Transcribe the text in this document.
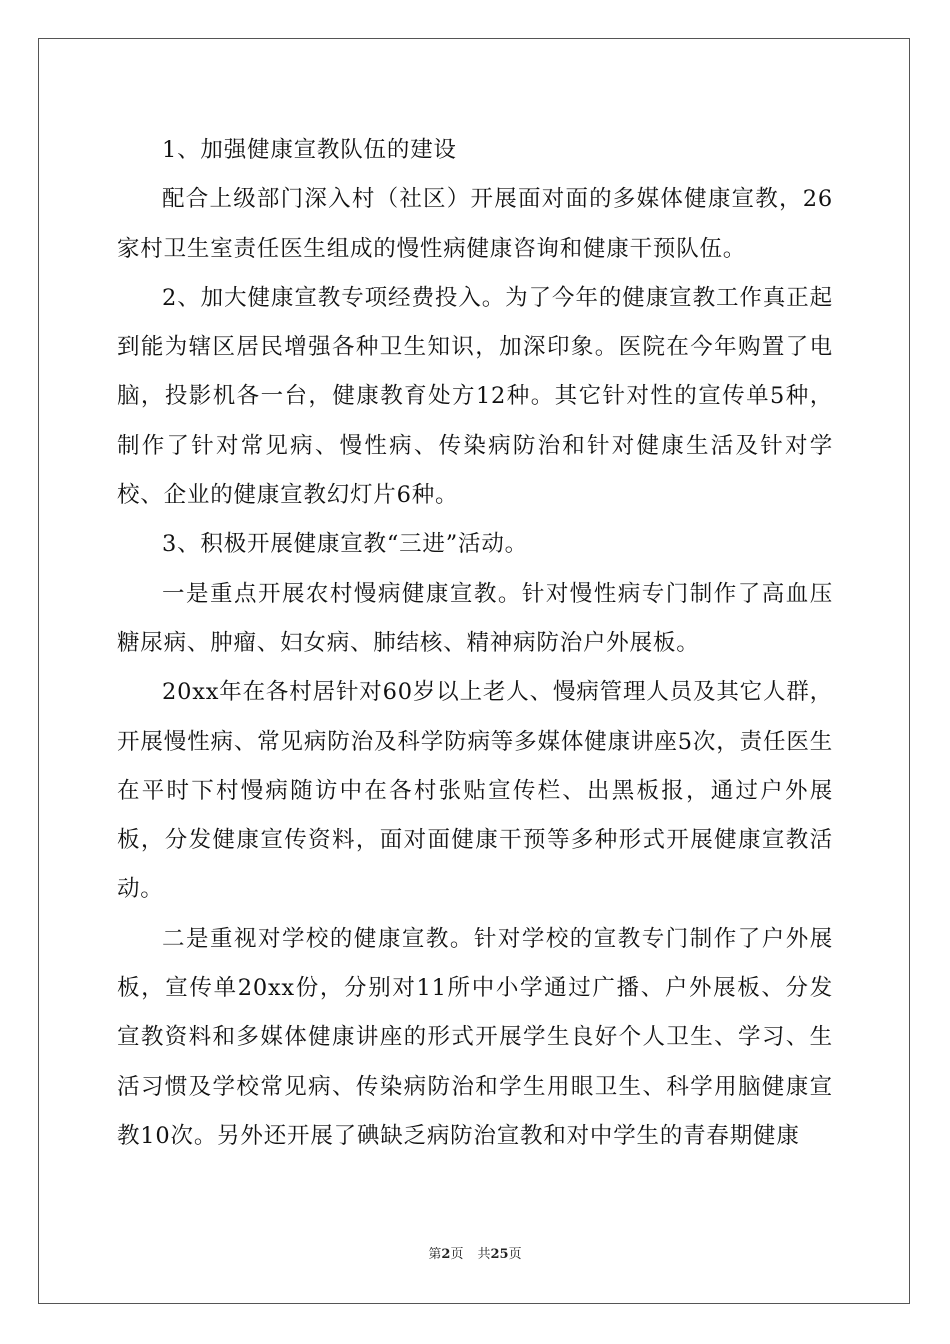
1、加强健康宣教队伍的建设

配合上级部门深入村（社区）开展面对面的多媒体健康宣教，26家村卫生室责任医生组成的慢性病健康咨询和健康干预队伍。

2、加大健康宣教专项经费投入。为了今年的健康宣教工作真正起到能为辖区居民增强各种卫生知识，加深印象。医院在今年购置了电脑，投影机各一台，健康教育处方12种。其它针对性的宣传单5种，制作了针对常见病、慢性病、传染病防治和针对健康生活及针对学校、企业的健康宣教幻灯片6种。

3、积极开展健康宣教“三进”活动。

一是重点开展农村慢病健康宣教。针对慢性病专门制作了高血压糖尿病、肿瘤、妇女病、肺结核、精神病防治户外展板。

20xx年在各村居针对60岁以上老人、慢病管理人员及其它人群，开展慢性病、常见病防治及科学防病等多媒体健康讲座5次，责任医生在平时下村慢病随访中在各村张贴宣传栏、出黑板报，通过户外展板，分发健康宣传资料，面对面健康干预等多种形式开展健康宣教活动。

二是重视对学校的健康宣教。针对学校的宣教专门制作了户外展板，宣传单20xx份，分别对11所中小学通过广播、户外展板、分发宣教资料和多媒体健康讲座的形式开展学生良好个人卫生、学习、生活习惯及学校常见病、传染病防治和学生用眼卫生、科学用脑健康宣教10次。另外还开展了碘缺乏病防治宣教和对中学生的青春期健康

第2页 共25页
